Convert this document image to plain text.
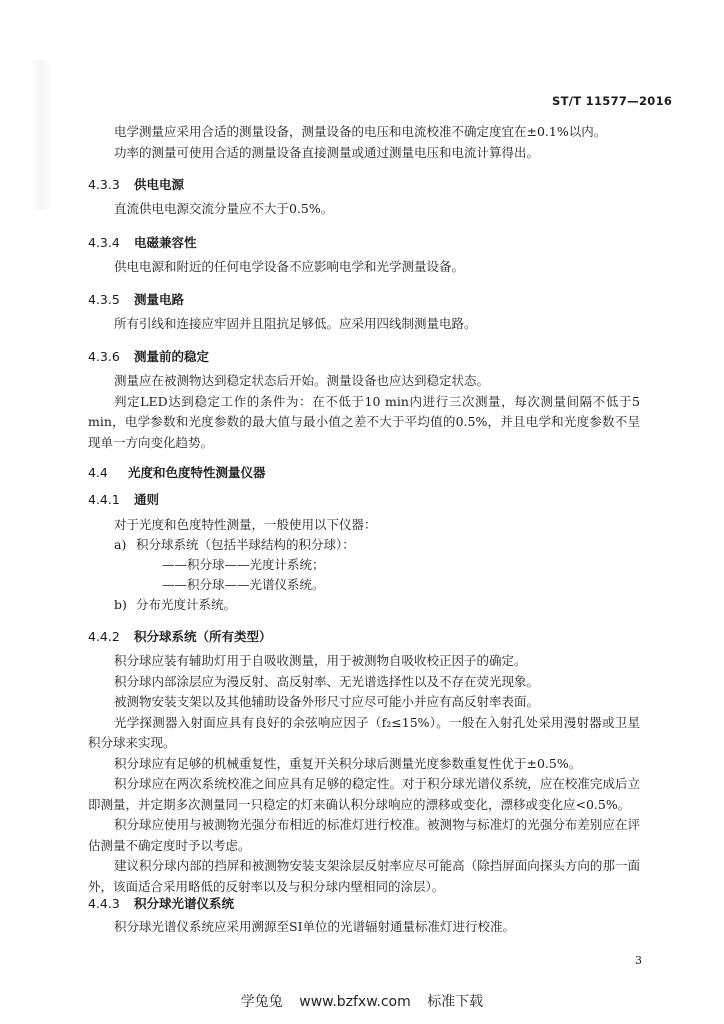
ST/T 11577—2016

电学测量应采用合适的测量设备，测量设备的电压和电流校准不确定度宜在±0.1%以内。

功率的测量可使用合适的测量设备直接测量或通过测量电压和电流计算得出。

4.3.3 供电电源

直流供电电源交流分量应不大于0.5%。

4.3.4 电磁兼容性

供电电源和附近的任何电学设备不应影响电学和光学测量设备。

4.3.5 测量电路

所有引线和连接应牢固并且阻抗足够低。应采用四线制测量电路。

4.3.6 测量前的稳定

测量应在被测物达到稳定状态后开始。测量设备也应达到稳定状态。

判定LED达到稳定工作的条件为：在不低于10 min内进行三次测量，每次测量间隔不低于5 min，电学参数和光度参数的最大值与最小值之差不大于平均值的0.5%，并且电学和光度参数不呈现单一方向变化趋势。

4.4 光度和色度特性测量仪器
4.4.1 通则

对于光度和色度特性测量，一般使用以下仪器：

a) 积分球系统（包括半球结构的积分球）：

——积分球——光度计系统；

——积分球——光谱仪系统。

b) 分布光度计系统。

4.4.2 积分球系统（所有类型）

积分球应装有辅助灯用于自吸收测量，用于被测物自吸收校正因子的确定。

积分球内部涂层应为漫反射、高反射率、无光谱选择性以及不存在荧光现象。

被测物安装支架以及其他辅助设备外形尺寸应尽可能小并应有高反射率表面。

光学探测器入射面应具有良好的余弦响应因子（f₂≤15%）。一般在入射孔处采用漫射器或卫星积分球来实现。

积分球应有足够的机械重复性，重复开关积分球后测量光度参数重复性优于±0.5%。

积分球应在两次系统校准之间应具有足够的稳定性。对于积分球光谱仪系统，应在校准完成后立即测量，并定期多次测量同一只稳定的灯来确认积分球响应的漂移或变化，漂移或变化应<0.5%。

积分球应使用与被测物光强分布相近的标准灯进行校准。被测物与标准灯的光强分布差别应在评估测量不确定度时予以考虑。

建议积分球内部的挡屏和被测物安装支架涂层反射率应尽可能高（除挡屏面向探头方向的那一面外，该面适合采用略低的反射率以及与积分球内壁相同的涂层）。

4.4.3 积分球光谱仪系统

积分球光谱仪系统应采用溯源至SI单位的光谱辐射通量标准灯进行校准。

3
学兔兔 www.bzfxw.com 标准下载
